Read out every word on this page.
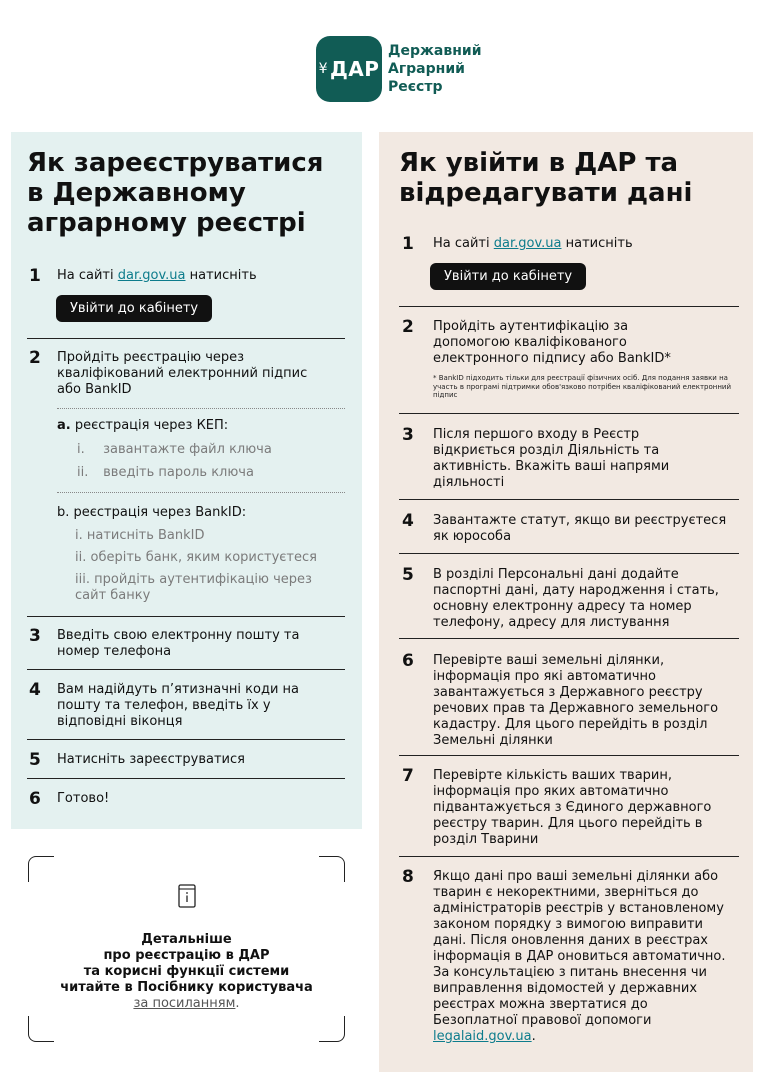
¥ ДАР
Державний
Аграрний
Реєстр
Як зареєструватися в Державному аграрному реєстрі
1 На сайті dar.gov.ua натисніть
Увійти до кабінету
2 Пройдіть реєстрацію через кваліфікований електронний підпис або BankID
a. реєстрація через КЕП:
i. завантажте файл ключа
ii. введіть пароль ключа
b. реєстрація через BankID:
i. натисніть BankID
ii. оберіть банк, яким користуєтеся
iii. пройдіть аутентифікацію через сайт банку
3 Введіть свою електронну пошту та номер телефона
4 Вам надійдуть п’ятизначні коди на пошту та телефон, введіть їх у відповідні віконця
5 Натисніть зареєструватися
6 Готово!
Детальніше
про реєстрацію в ДАР
та корисні функції системи
читайте в Посібнику користувача
за посиланням.
Як увійти в ДАР та відредагувати дані
1 На сайті dar.gov.ua натисніть
Увійти до кабінету
2 Пройдіть аутентифікацію за допомогою кваліфікованого електронного підпису або BankID*
* BankID підходить тільки для реєстрації фізичних осіб. Для подання заявки на участь в програмі підтримки обов'язково потрібен кваліфікований електронний підпис
3 Після першого входу в Реєстр відкриється розділ Діяльність та активність. Вкажіть ваші напрями діяльності
4 Завантажте статут, якщо ви реєструєтеся як юрособа
5 В розділі Персональні дані додайте паспортні дані, дату народження і стать, основну електронну адресу та номер телефону, адресу для листування
6 Перевірте ваші земельні ділянки, інформація про які автоматично завантажується з Державного реєстру речових прав та Державного земельного кадастру. Для цього перейдіть в розділ Земельні ділянки
7 Перевірте кількість ваших тварин, інформація про яких автоматично підвантажується з Єдиного державного реєстру тварин. Для цього перейдіть в розділ Тварини
8 Якщо дані про ваші земельні ділянки або тварин є некоректними, зверніться до адміністраторів реєстрів у встановленому законом порядку з вимогою виправити дані. Після оновлення даних в реєстрах інформація в ДАР оновиться автоматично. За консультацією з питань внесення чи виправлення відомостей у державних реєстрах можна звертатися до Безоплатної правової допомоги legalaid.gov.ua.
